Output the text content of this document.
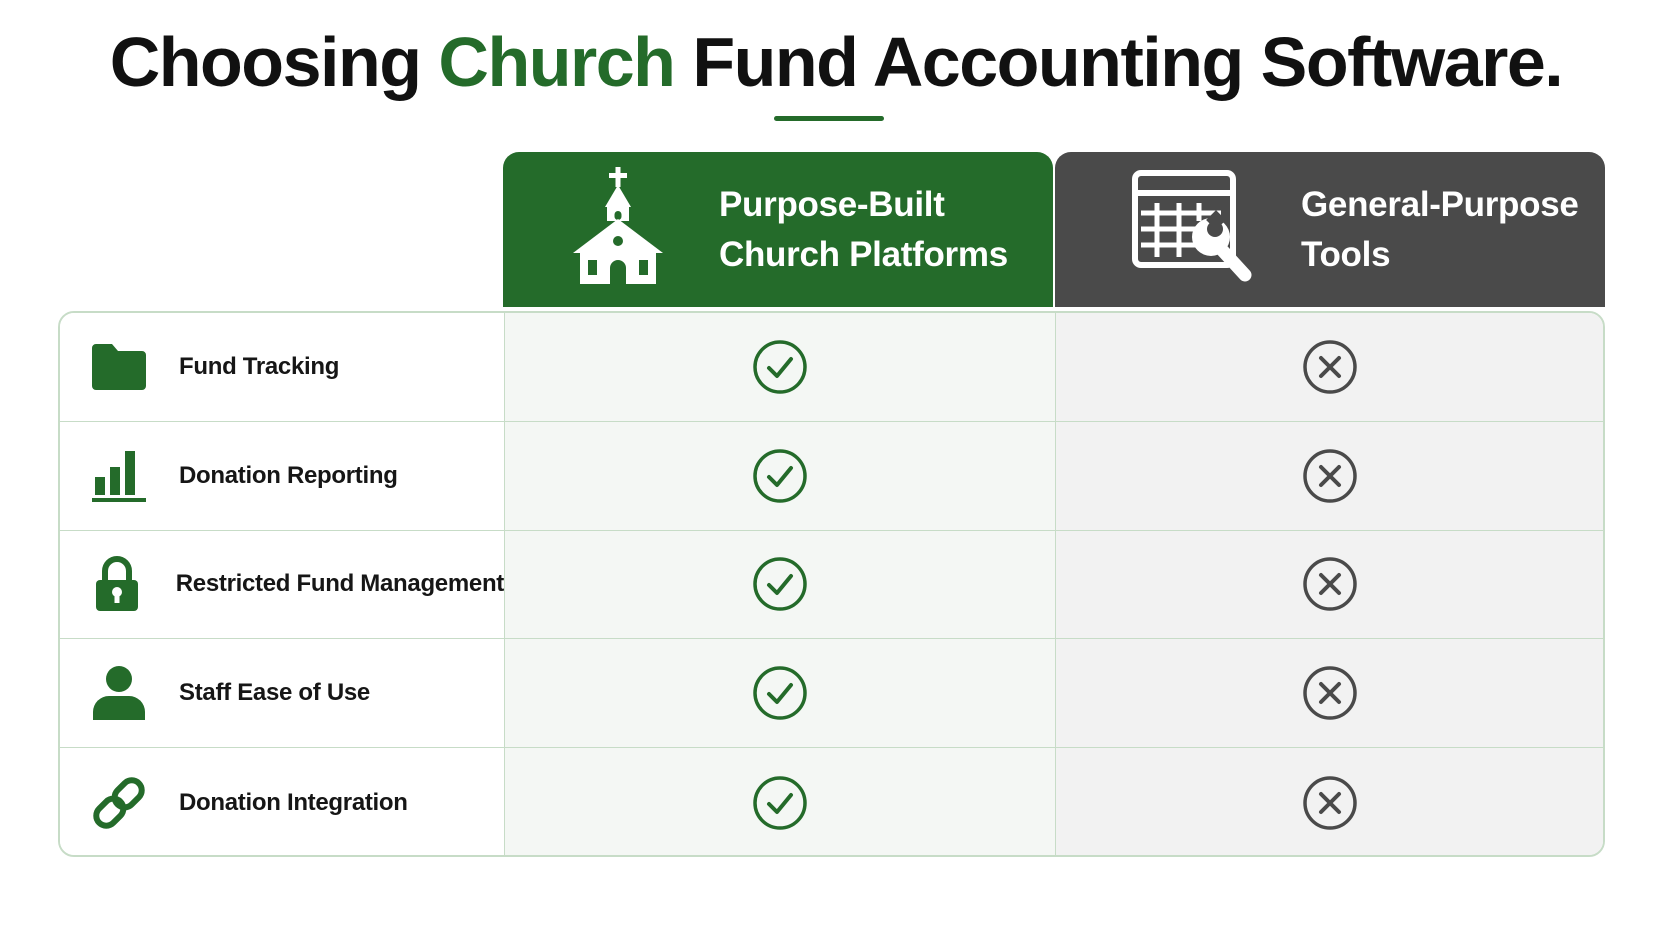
Choosing Church Fund Accounting Software.
Purpose-Built
Church Platforms
General-Purpose
Tools
Fund Tracking
Donation Reporting
Restricted Fund Management
Staff Ease of Use
Donation Integration
